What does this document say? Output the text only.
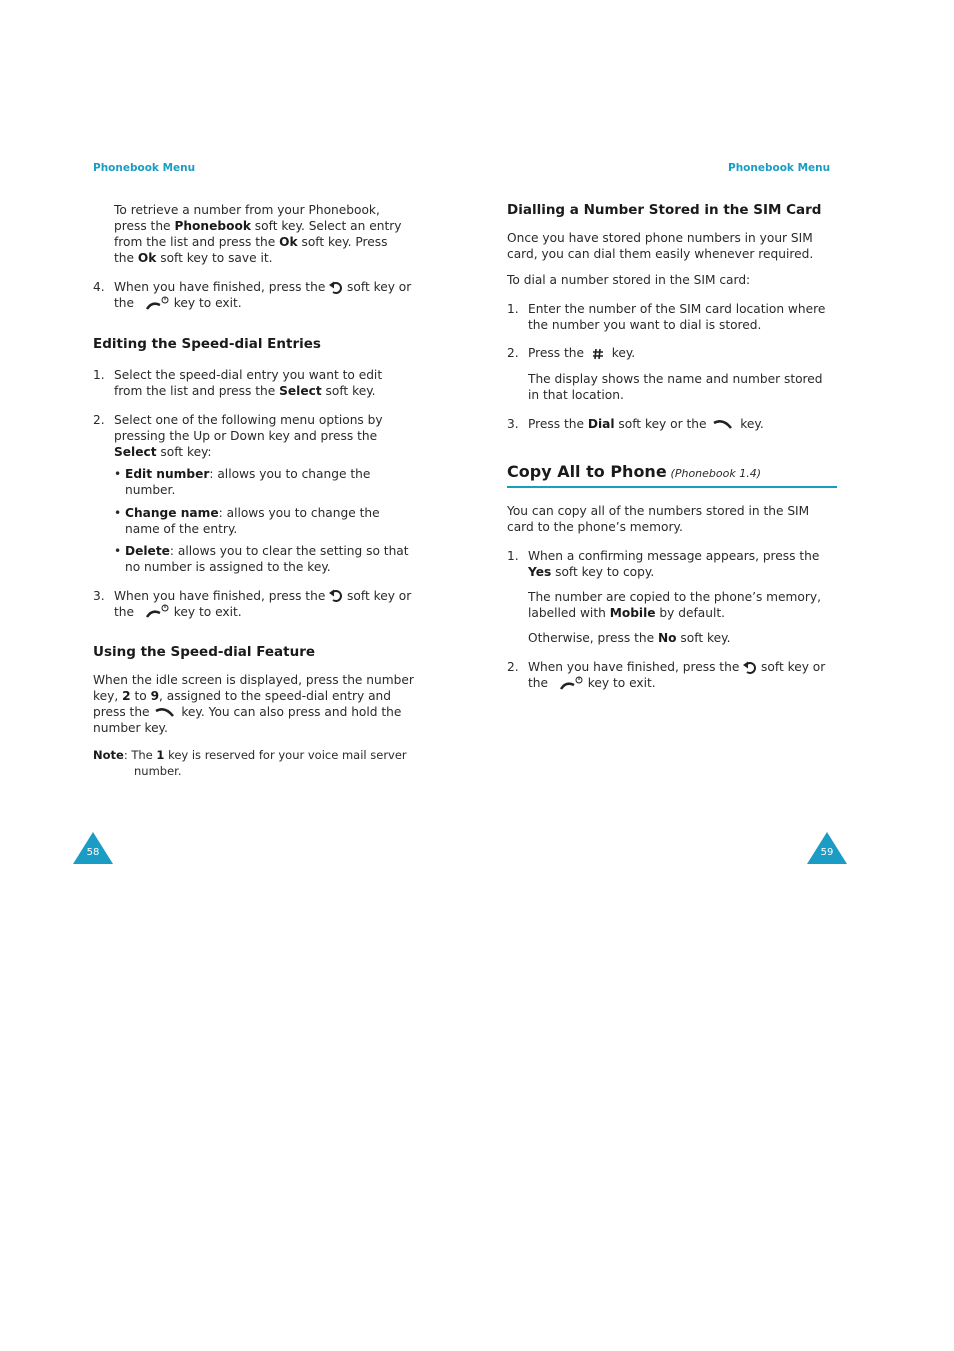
Phonebook Menu	Phonebook Menu

To retrieve a number from your Phonebook,

press the Phonebook soft key. Select an entry

from the list and press the Ok soft key. Press

the Ok soft key to save it.

4. When you have finished, press the  soft key or

the	key to exit.

Editing the Speed-dial Entries
1. Select the speed-dial entry you want to edit

from the list and press the Select soft key.

2. Select one of the following menu options by

pressing the Up or Down key and press the

Select soft key:

• Edit number: allows you to change the

number.

• Change name: allows you to change the

name of the entry.

• Delete: allows you to clear the setting so that

no number is assigned to the key.

3. When you have finished, press the  soft key or

the	key to exit.

Using the Speed-dial Feature

When the idle screen is displayed, press the number

key, 2 to 9, assigned to the speed-dial entry and

press the	key. You can also press and hold the

number key.

Note: The 1 key is reserved for your voice mail server

number.

58
Dialling a Number Stored in the SIM Card

Once you have stored phone numbers in your SIM

card, you can dial them easily whenever required.

To dial a number stored in the SIM card:

1. Enter the number of the SIM card location where

the number you want to dial is stored.

2. Press the key.

The display shows the name and number stored

in that location.

3. Press the Dial soft key or the	key.

Copy All to Phone (Phonebook 1.4)

You can copy all of the numbers stored in the SIM

card to the phone’s memory.

1. When a confirming message appears, press the

Yes soft key to copy.

The number are copied to the phone’s memory,

labelled with Mobile by default.

Otherwise, press the No soft key.

2. When you have finished, press the  soft key or

the	key to exit.

59
